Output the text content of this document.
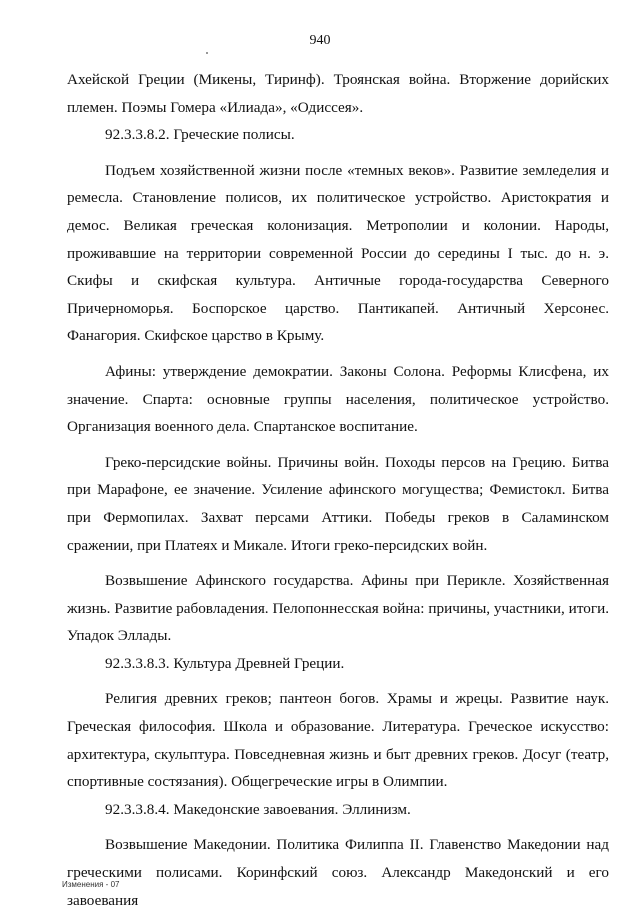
940

Ахейской Греции (Микены, Тиринф). Троянская война. Вторжение дорийских племен. Поэмы Гомера «Илиада», «Одиссея».

92.3.3.8.2. Греческие полисы.

Подъем хозяйственной жизни после «темных веков». Развитие земледелия и ремесла. Становление полисов, их политическое устройство. Аристократия и демос. Великая греческая колонизация. Метрополии и колонии. Народы, проживавшие на территории современной России до середины I тыс. до н. э. Скифы и скифская культура. Античные города-государства Северного Причерноморья. Боспорское царство. Пантикапей. Античный Херсонес. Фанагория. Скифское царство в Крыму.

Афины: утверждение демократии. Законы Солона. Реформы Клисфена, их значение. Спарта: основные группы населения, политическое устройство. Организация военного дела. Спартанское воспитание.

Греко-персидские войны. Причины войн. Походы персов на Грецию. Битва при Марафоне, ее значение. Усиление афинского могущества; Фемистокл. Битва при Фермопилах. Захват персами Аттики. Победы греков в Саламинском сражении, при Платеях и Микале. Итоги греко-персидских войн.

Возвышение Афинского государства. Афины при Перикле. Хозяйственная жизнь. Развитие рабовладения. Пелопоннесская война: причины, участники, итоги. Упадок Эллады.

92.3.3.8.3. Культура Древней Греции.

Религия древних греков; пантеон богов. Храмы и жрецы. Развитие наук. Греческая философия. Школа и образование. Литература. Греческое искусство: архитектура, скульптура. Повседневная жизнь и быт древних греков. Досуг (театр, спортивные состязания). Общегреческие игры в Олимпии.

92.3.3.8.4. Македонские завоевания. Эллинизм.

Возвышение Македонии. Политика Филиппа II. Главенство Македонии над греческими полисами. Коринфский союз. Александр Македонский и его завоевания

Изменения - 07
